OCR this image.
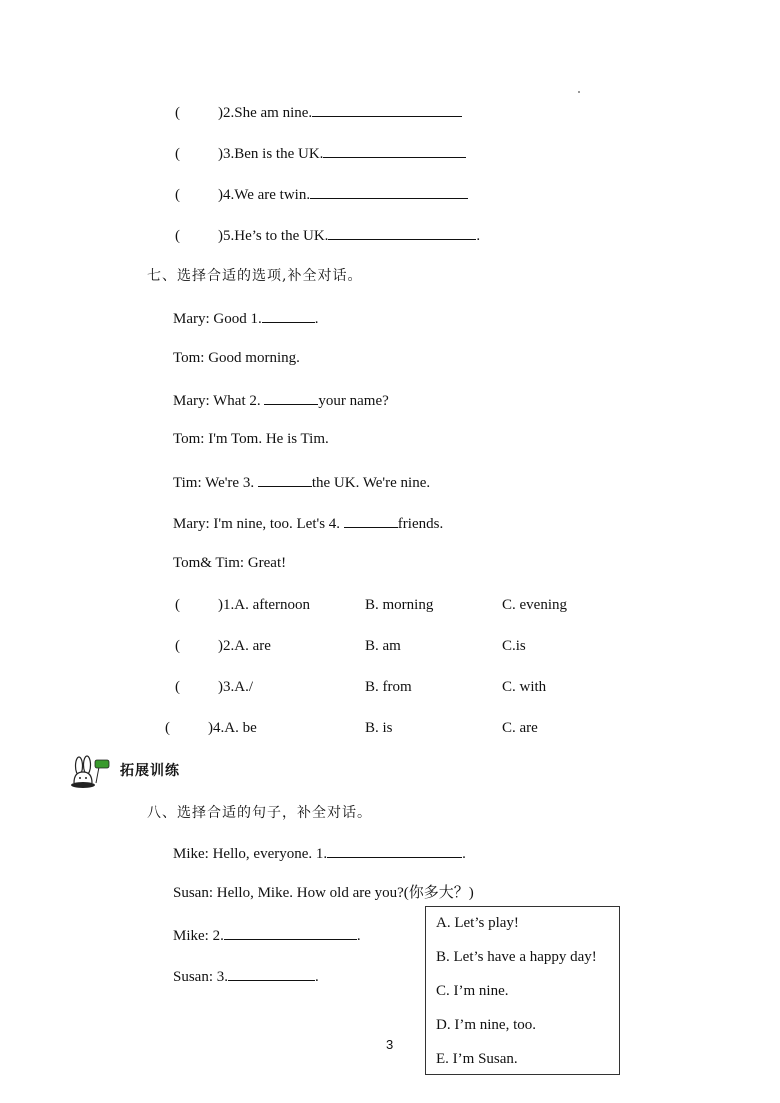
(	)2.She am nine.
(	)3.Ben is the UK.
(	)4.We are twin.
(	)5.He’s to the UK.	.
七、选择合适的选项,补全对话。
Mary: Good 1.	.
Tom: Good morning.
Mary: What 2.	your name?
Tom: I'm Tom. He is Tim.
Tim: We're 3.	the UK. We're nine.
Mary: I'm nine, too. Let's 4.	friends.
Tom& Tim: Great!
(	)1.A. afternoon	B. morning	C. evening
(	)2.A. are	B. am	C.is
(	)3.A./	B. from	C. with
(	)4.A. be	B. is	C. are
拓展训练
八、选择合适的句子，补全对话。
Mike: Hello, everyone. 1.	.
Susan: Hello, Mike. How old are you?(你多大？)
Mike: 2.	.
Susan: 3.	.
A. Let’s play!
B. Let’s have a happy day!
C. I’m nine.
D. I’m nine, too.
E. I’m Susan.
3
